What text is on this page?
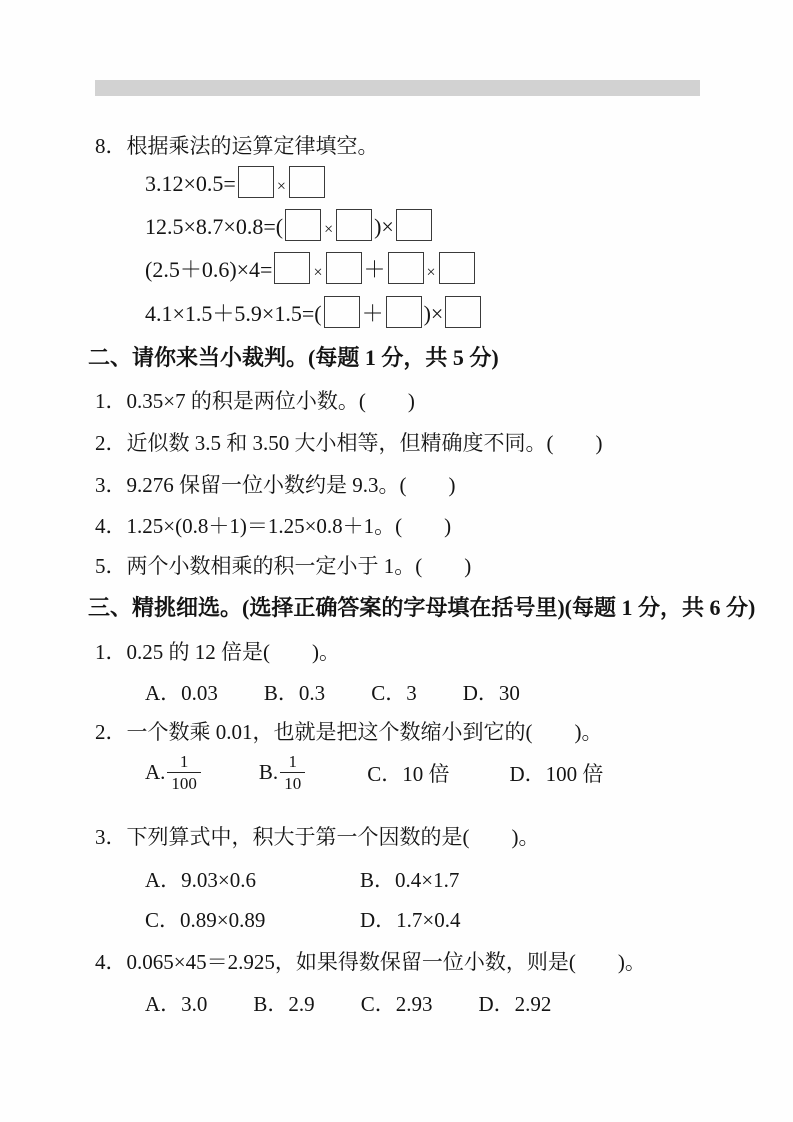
8．根据乘法的运算定律填空。
3.12×0.5=	×
12.5×8.7×0.8=(	× )×
(2.5＋0.6)×4=	× ＋	×
4.1×1.5＋5.9×1.5=( ＋ )×
二、请你来当小裁判。(每题 1 分，共 5 分)
1．0.35×7 的积是两位小数。(　　)
2．近似数 3.5 和 3.50 大小相等，但精确度不同。(　　)
3．9.276 保留一位小数约是 9.3。(　　)
4．1.25×(0.8＋1)＝1.25×0.8＋1。(　　)
5．两个小数相乘的积一定小于 1。(　　)
三、精挑细选。(选择正确答案的字母填在括号里)(每题 1 分，共 6 分)
1．0.25 的 12 倍是(　　)。
A．0.03 B．0.3 C．3 D．30
2．一个数乘 0.01，也就是把这个数缩小到它的(　　)。
A. $\frac{1}{100}$	B. $\frac{1}{10}$	C．10 倍	D．100 倍
3．下列算式中，积大于第一个因数的是(　　)。
A．9.03×0.6	B．0.4×1.7
C．0.89×0.89	D．1.7×0.4
4．0.065×45＝2.925，如果得数保留一位小数，则是(　　)。
A．3.0 B．2.9 C．2.93 D．2.92
